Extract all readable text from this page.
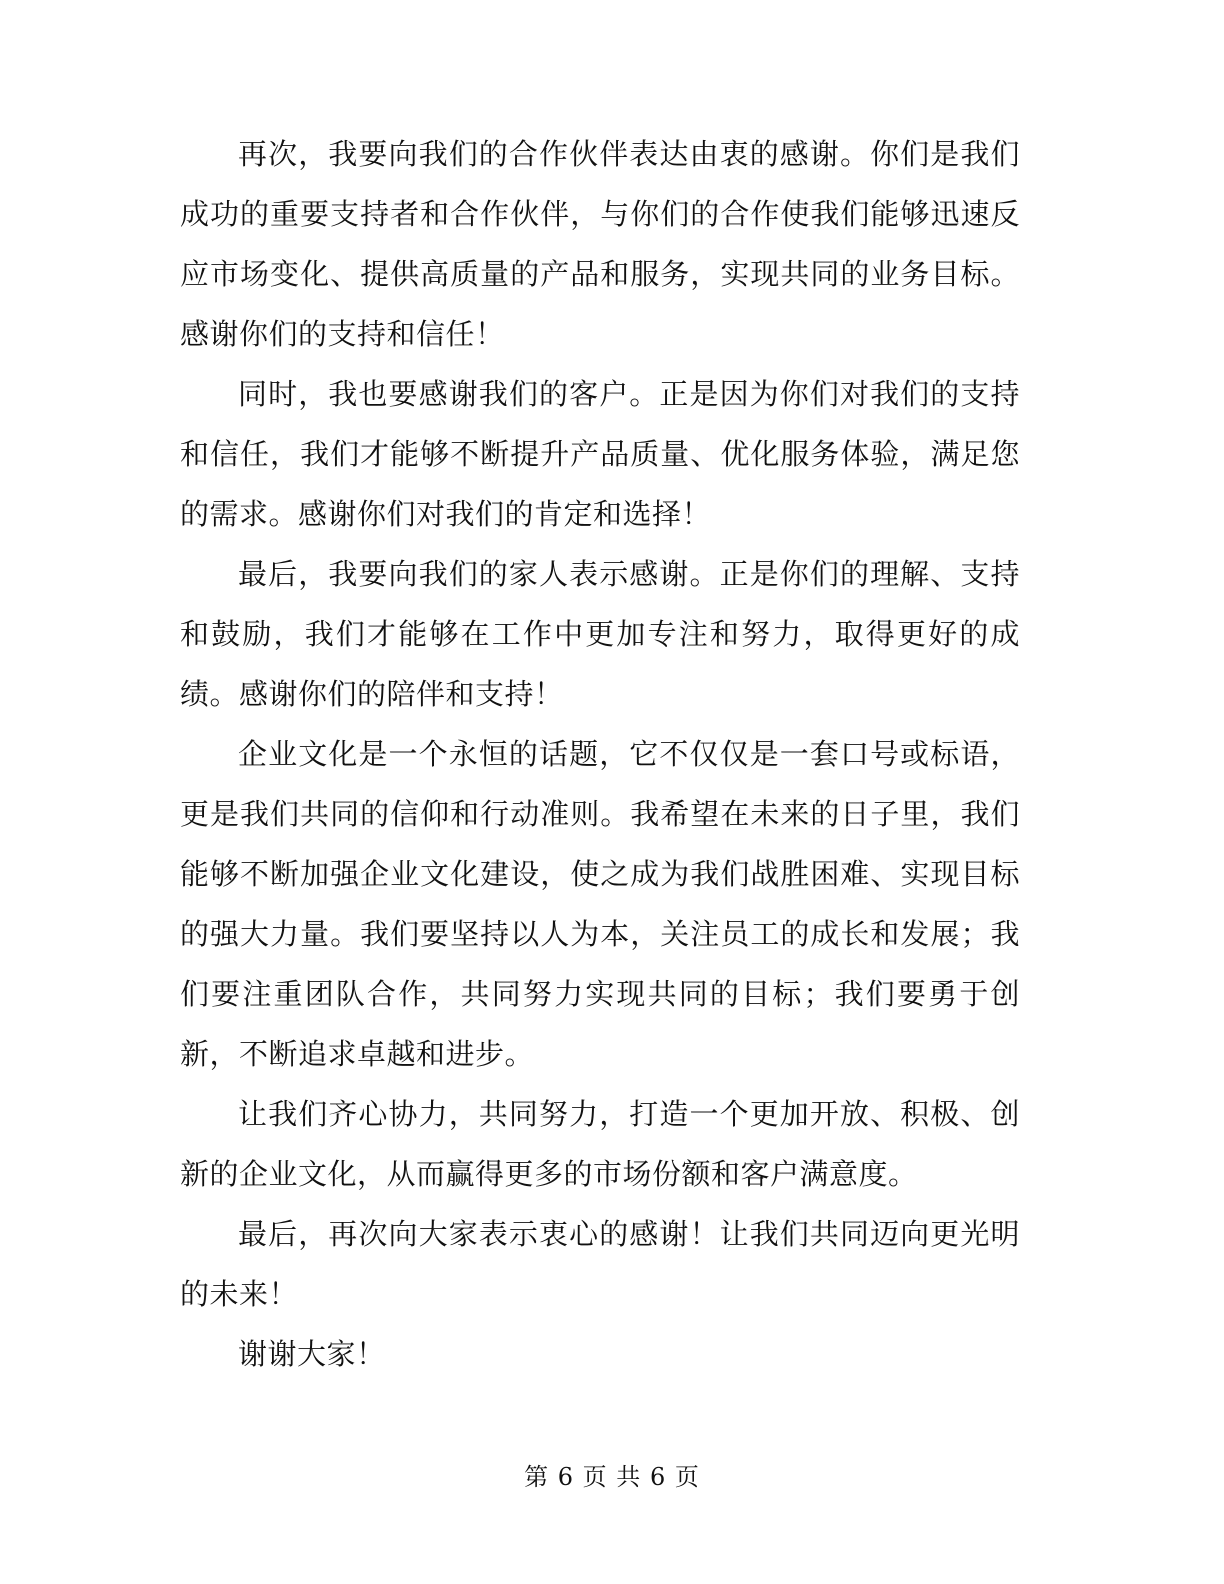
再次，我要向我们的合作伙伴表达由衷的感谢。你们是我们成功的重要支持者和合作伙伴，与你们的合作使我们能够迅速反应市场变化、提供高质量的产品和服务，实现共同的业务目标。感谢你们的支持和信任！

同时，我也要感谢我们的客户。正是因为你们对我们的支持和信任，我们才能够不断提升产品质量、优化服务体验，满足您的需求。感谢你们对我们的肯定和选择！

最后，我要向我们的家人表示感谢。正是你们的理解、支持和鼓励，我们才能够在工作中更加专注和努力，取得更好的成绩。感谢你们的陪伴和支持！

企业文化是一个永恒的话题，它不仅仅是一套口号或标语，更是我们共同的信仰和行动准则。我希望在未来的日子里，我们能够不断加强企业文化建设，使之成为我们战胜困难、实现目标的强大力量。我们要坚持以人为本，关注员工的成长和发展；我们要注重团队合作，共同努力实现共同的目标；我们要勇于创新，不断追求卓越和进步。

让我们齐心协力，共同努力，打造一个更加开放、积极、创新的企业文化，从而赢得更多的市场份额和客户满意度。

最后，再次向大家表示衷心的感谢！让我们共同迈向更光明的未来！

谢谢大家！

第 6 页 共 6 页
